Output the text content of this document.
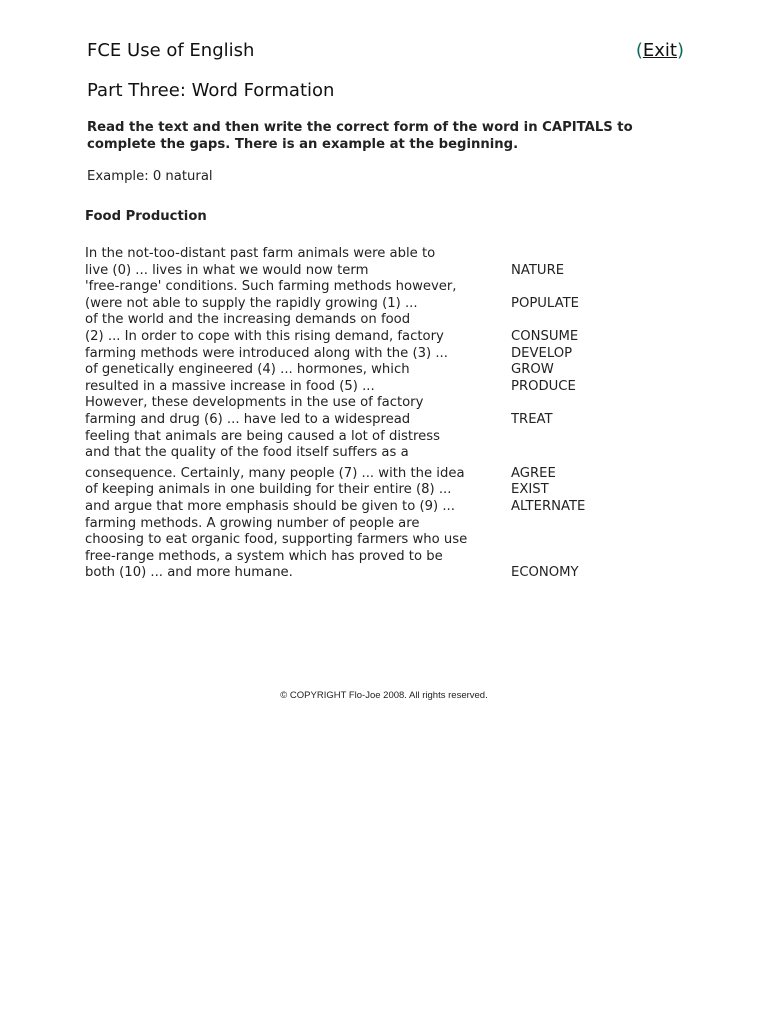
FCE Use of English	(Exit)
Part Three: Word Formation

Read the text and then write the correct form of the word in CAPITALS to complete the gaps. There is an example at the beginning.

Example: 0 natural
Food Production
In the not-too-distant past farm animals were able to
live (0) ... lives in what we would now term	NATURE
'free-range' conditions. Such farming methods however,
(were not able to supply the rapidly growing (1) ...	POPULATE
of the world and the increasing demands on food
(2) ... In order to cope with this rising demand, factory	CONSUME
farming methods were introduced along with the (3) ...	DEVELOP
of genetically engineered (4) ... hormones, which	GROW
resulted in a massive increase in food (5) ...	PRODUCE
However, these developments in the use of factory
farming and drug (6) ... have led to a widespread	TREAT
feeling that animals are being caused a lot of distress
and that the quality of the food itself suffers as a
consequence. Certainly, many people (7) ... with the idea	AGREE
of keeping animals in one building for their entire (8) ...	EXIST
and argue that more emphasis should be given to (9) ...	ALTERNATE
farming methods. A growing number of people are
choosing to eat organic food, supporting farmers who use
free-range methods, a system which has proved to be
both (10) ... and more humane.	ECONOMY
© COPYRIGHT Flo-Joe 2008. All rights reserved.
